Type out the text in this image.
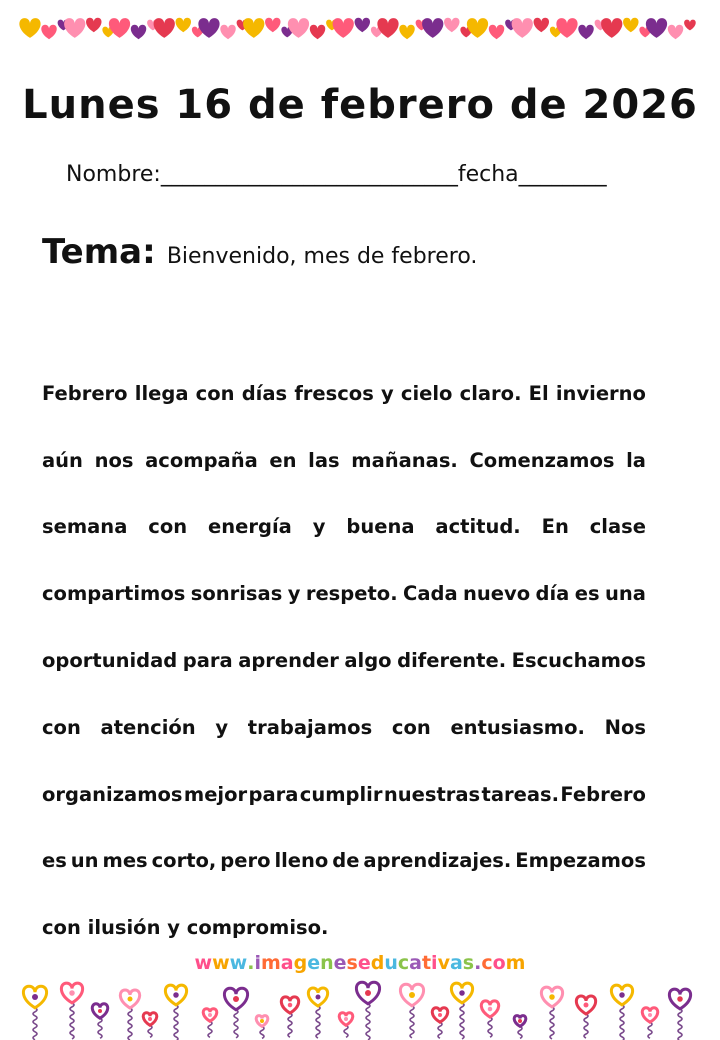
Lunes 16 de febrero de 2026
Nombre:___________________________fecha________
Tema: Bienvenido, mes de febrero.
Febrero llega con días frescos y cielo claro. El invierno
aún nos acompaña en las mañanas. Comenzamos la
semana con energía y buena actitud. En clase
compartimos sonrisas y respeto. Cada nuevo día es una
oportunidad para aprender algo diferente. Escuchamos
con atención y trabajamos con entusiasmo. Nos
organizamos mejor para cumplir nuestras tareas. Febrero
es un mes corto, pero lleno de aprendizajes. Empezamos
con
ilusión
y
compromiso.
www.imageneseducativas.com
